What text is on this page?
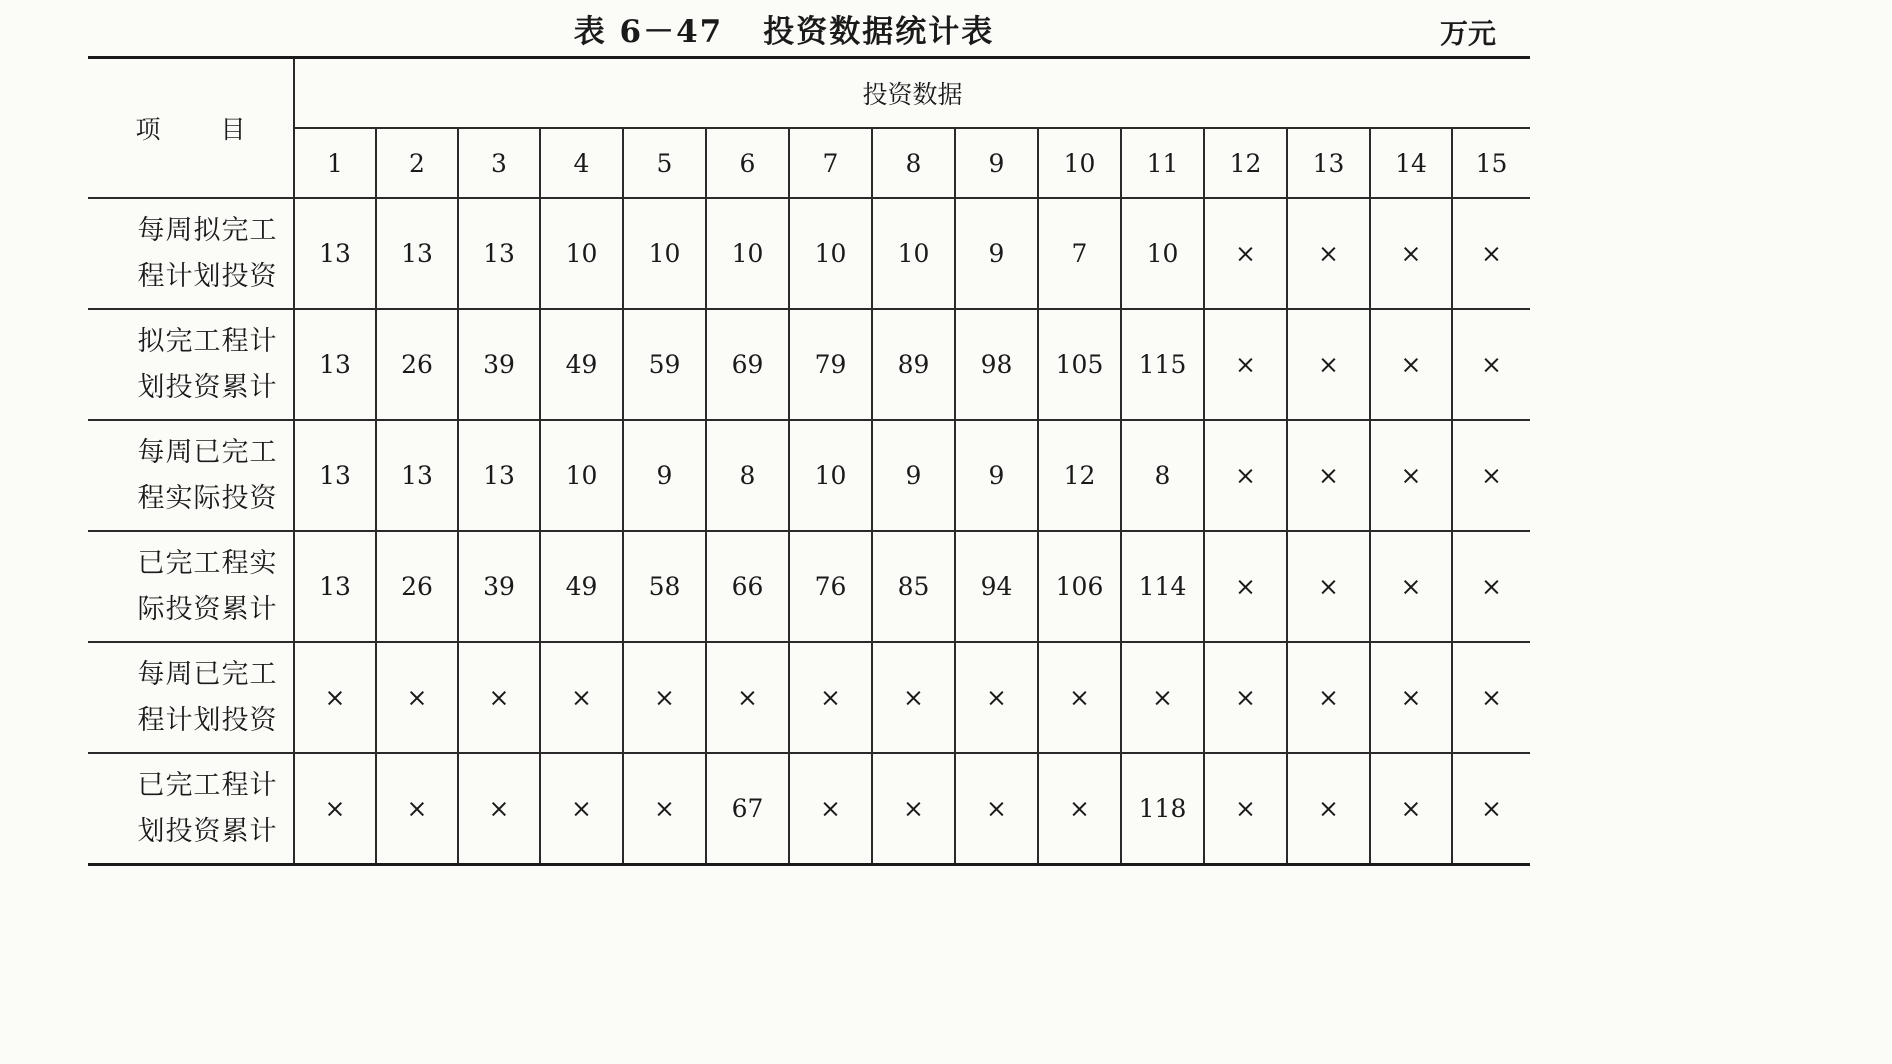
表 6－47 投资数据统计表	万元
项 目	投资数据														
	1	2	3	4	5	6	7	8	9	10	11	12	13	14	15

每周拟完工
程计划投资	13	13	13	10	10	10	10	10	9	7	10	×	×	×	×

拟完工程计
划投资累计	13	26	39	49	59	69	79	89	98	105	115	×	×	×	×

每周已完工
程实际投资	13	13	13	10	9	8	10	9	9	12	8	×	×	×	×

已完工程实
际投资累计	13	26	39	49	58	66	76	85	94	106	114	×	×	×	×

每周已完工
程计划投资	×	×	×	×	×	×	×	×	×	×	×	×	×	×	×

已完工程计
划投资累计	×	×	×	×	×	67	×	×	×	×	118	×	×	×	×
